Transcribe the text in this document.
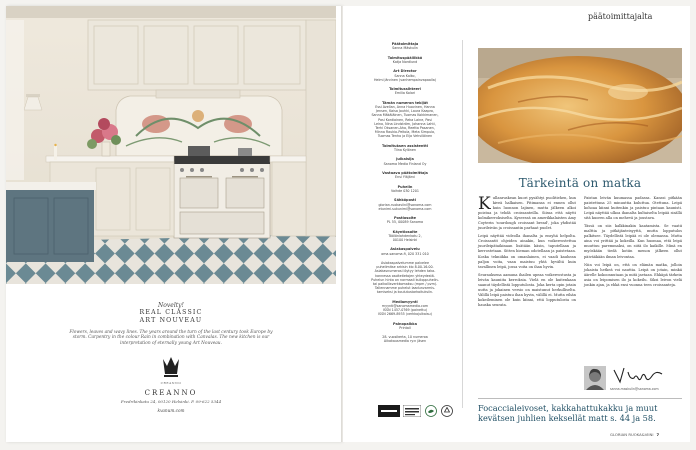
Novelty!
REAL CLASSIC
ART NOUVEAU
Flowers, leaves and wavy lines. The years around the turn of the last century took Europe by storm. Carpentry in the colour Rain in combination with Canvalas. The new kitchen is our interpretation of eternally young Art Nouveau.
CREANNO
CREANNO
Fredrikinkatu 24, 00120 Helsinki. P. 09-622 5344
kvanum.com
Päätoimittaja
Sanna Mäskulin
Toimituspäällikkö
Katja Nordlund
Art Director
Sanna Kalko,
Helmi Järvinen (vanhempainvapaalla)
Toimitussihteeri
Emilia Kolari
Tämän numeron tekijät
Essi Avellan, Anna Huovinen, Hanna
Jensen, Kaisa Jouhki, Laura Kaapro,
Sanna Mäkäläinen, Tuomas Kokkimanen,
Pasi Kontiainen, Reka Laine, Pasi
Leino, Nina Lindström, Johanna Lahti,
Terhi Oksanen-Aho, Reetta Pasanen,
Minna Raukio-Peltola, Meta Simpula,
Tuomas Tenho ja Eija Vehviläinen
Toimituksen assistentti
Tiina Kylönen
Julkaisija
Sanoma Media Finland Oy
Vastaava päätoimittaja
Ensi Yläjärvi
Puhelin
Vaihde 030 1201
Sähköposti
glorian.ruokaviini@sanoma.com
etunimi.sukunimi@sanoma.com
Postiosoite
PL 55, 00089 Sanoma
Käyntiosoite
Töölönlahdenkatu 2,
00100 Helsinki
Asiakaspalvelu
oma.sanoma.fi, 020 331 010
Asiakaspalvelumme palvelee
puhelimitse arkisin klo 8.00-16.00.
Asiakasnumerosi löytyy lehden taka-
kannessa osoitetietojen yhteydestä.
Puhelun hinta on normaali kulloppuhelin-
tai paikallisverkkomaksu (mpm / pvm).
Tallennamme puhelut laadunvarmis-
tamiseksi ja koulutustarkoituksiin.
Mediamyynti
myynti@sanomamedia.com
ISSN 1457-0769 (painettu)
ISSN 2669-8935 (verkkojulkaisu)
Painopaikka
Printall
28. vuosikerta, 10 numeroa
Aikakausmedia ry:n jäsen
päätoimittajalta
Tärkeintä on matka

Kullanruskean kuori pysähtyi puolitiehen, kun kiveä halkaisen. Pitimansa ei ennen ollut kuin luonnon lajinen, mutta jälkeen alkoi poistua ja tehdä croissanteilla. Siissa että näytti kolmikerroksiselta. Kyseessä on amerikkalaisten Amy Coyterin 'sourdough croissant bread', joka yhdistää juurileivän ja croissantin parhaat puolet.

Leipä näyttää videolla ihanalta ja ensyhä helpolta. Croissantit ohjeiden ainakin, kun voikerrostettua juurileipätaikinaan lisätään käsin, taputellaan ja kerrostetaan. Sitten hieman odotellaan ja paistetaan. Koska tekniikka on omanlainen, ei vaadi kauhean paljon voita, vaan maistuu yhtä hyvältä kuin tavallinen leipä, jossa voita on ihan hyvin.

Seurauksena aamuna ihailen upeaa voikerrostusta ja leivän kauniita kerroksia. Vielä en ole kuitenkaan saanut täydellistä lopputulosta. Joka kerta opin jotain uutta ja jokainen versio on maistunut herkulliselta. Välillä leipä paistuu ihan hyvin, välillä ei. Mutta eihän kokeileminen ole kuin kiinni, että lopputulosta on hauska seurata.

Paistan leivän kuumassa padassa. Kanssi pitkään paistettuna 25 minuuttia kuluttua. Otettuna. Leipä kohoaa kiinni kuitenkin ja paistuu pintaan kaunisti. Leipä näyttää ulkoa ihanalta kultaiselta leipää sisällä sitä kuoren alla on mehevä ja joustava.

Tässä on siis kalkkinakin kaatamista. Se vaatii malttia ja pitkäjänteisyyttä, mutta lopputulos palkitsee. Täydellistä leipää ei ole olemassa. Mutta aina voi yrittää ja kokeilla. Kun huomaa, että leipä muuttuu paremmaksi, on siitä ilo kaikille. Minä en myöskään tiedä kotiin menon jälkeen ollut päivääkään ilman leivontaa.

Niin voi leipä on, että on elämän matka, jolloin jokaista hetkeä voi nauttia. Leipä on jotain, minkä äärelle kokoonnutaan ja mitä jaetaan. Ehkäpä tärkein asia on leipomisen ilo ja kokeilu. Siksi leivon vielä jonkin ajan, ja ehkä ensi vuonna teen croissanteja.

sanna.maskulin@sanoma.com
Focaccialeivoset, kakkahattukakku ja muut kevätsen juhlien keksellät matt s. 44 ja 58.
GLORIAN RUOKA&VIINI 7
